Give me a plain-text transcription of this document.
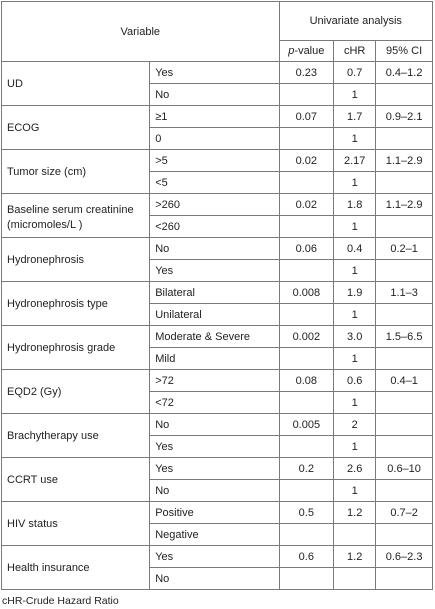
Variable		Univariate analysis		
		p-value	cHR	95% CI
UD	Yes	0.23	0.7	0.4–1.2
	No		1	
ECOG	≥1	0.07	1.7	0.9–2.1
	0		1	
Tumor size (cm)	>5	0.02	2.17	1.1–2.9
	<5		1	
Baseline serum creatinine (micromoles/L )	>260	0.02	1.8	1.1–2.9
	<260		1	
Hydronephrosis	No	0.06	0.4	0.2–1
	Yes		1	
Hydronephrosis type	Bilateral	0.008	1.9	1.1–3
	Unilateral		1	
Hydronephrosis grade	Moderate & Severe	0.002	3.0	1.5–6.5
	Mild		1	
EQD2 (Gy)	>72	0.08	0.6	0.4–1
	<72		1	
Brachytherapy use	No	0.005	2	
	Yes		1	
CCRT use	Yes	0.2	2.6	0.6–10
	No		1	
HIV status	Positive	0.5	1.2	0.7–2
	Negative			
Health insurance	Yes	0.6	1.2	0.6–2.3
	No			
cHR-Crude Hazard Ratio
